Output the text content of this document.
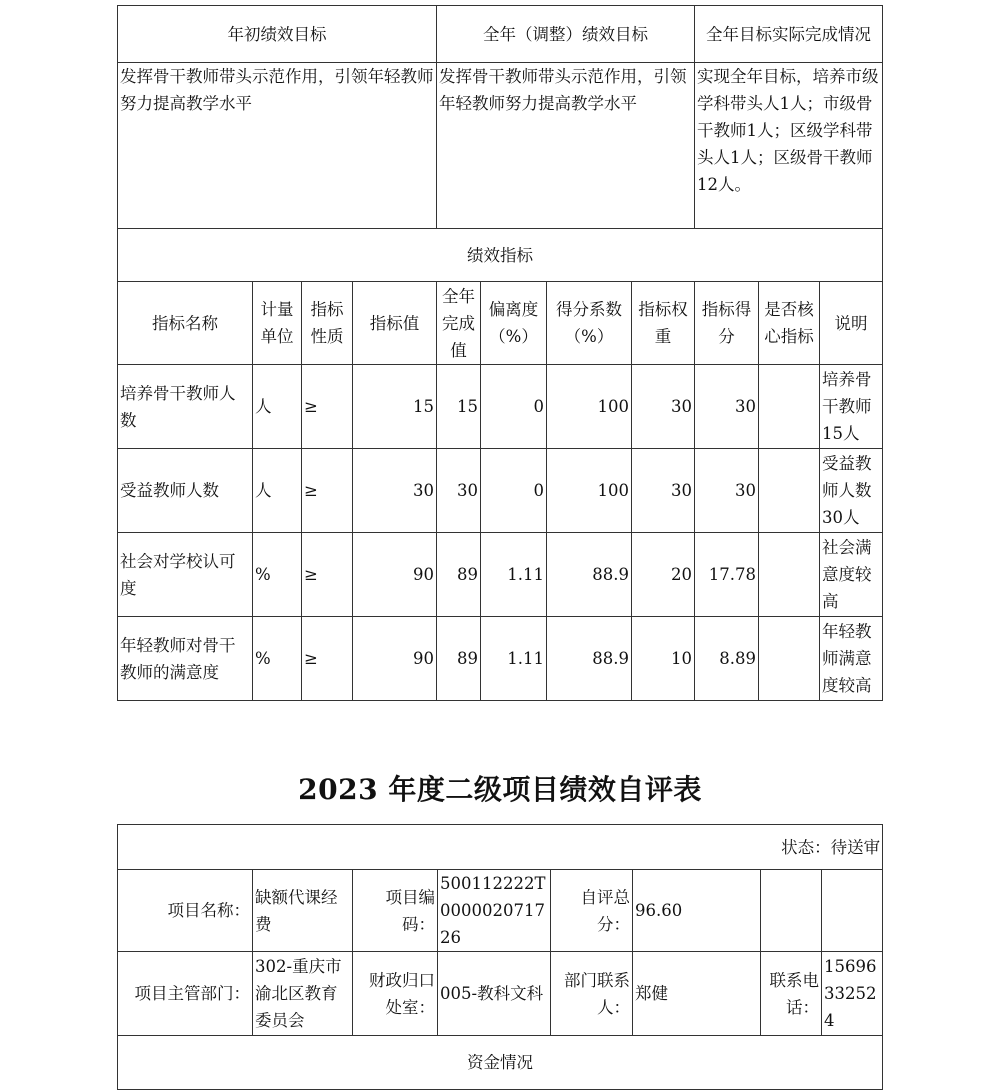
年初绩效目标				全年（调整）绩效目标				全年目标实际完成情况		
发挥骨干教师带头示范作用，引领年轻教师努力提高教学水平				发挥骨干教师带头示范作用，引领年轻教师努力提高教学水平				实现全年目标，培养市级学科带头人1人；市级骨干教师1人；区级学科带头人1人；区级骨干教师12人。		
绩效指标										
指标名称	计量单位	指标性质	指标值	全年完成值	偏离度（%）	得分系数（%）	指标权重	指标得分	是否核心指标	说明
培养骨干教师人数	人	≥	15	15	0	100	30	30		培养骨干教师15人
受益教师人数	人	≥	30	30	0	100	30	30		受益教师人数30人
社会对学校认可度	%	≥	90	89	1.11	88.9	20	17.78		社会满意度较高
年轻教师对骨干教师的满意度	%	≥	90	89	1.11	88.9	10	8.89		年轻教师满意度较高
2023 年度二级项目绩效自评表
状态：待送审							
项目名称：	缺额代课经费	项目编码：	500112222T000002071726	自评总分：	96.60		
项目主管部门：	302-重庆市渝北区教育委员会	财政归口处室：	005-教科文科	部门联系人：	郑健	联系电话：	15696332524
资金情况							
